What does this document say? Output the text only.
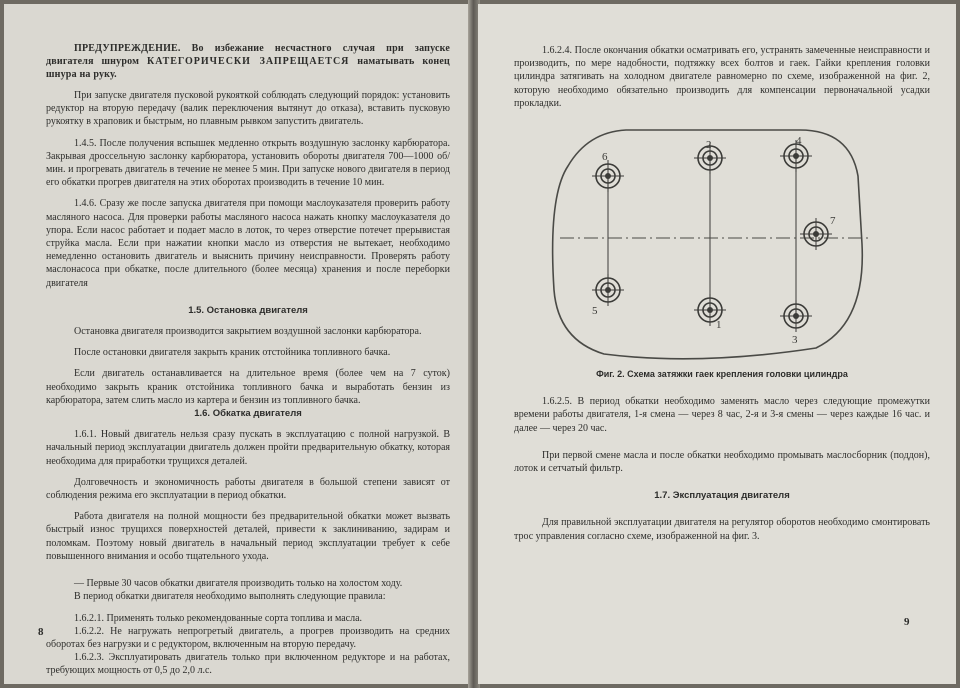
ПРЕДУПРЕЖДЕНИЕ. Во избежание несчастного случая при запуске двигателя шнуром КАТЕГОРИЧЕСКИ ЗАПРЕЩАЕТСЯ наматывать конец шнура на руку.

При запуске двигателя пусковой рукояткой соблюдать следующий порядок: установить редуктор на вторую передачу (валик переключения вытянут до отказа), вставить пусковую рукоятку в храповик и быстрым, но плавным рывком запустить двигатель.

1.4.5. После получения вспышек медленно открыть воздушную заслонку карбюратора. Закрывая дроссельную заслонку карбюратора, установить обороты двигателя 700—1000 об/мин. и прогревать двигатель в течение не менее 5 мин. При запуске нового двигателя в период его обкатки прогрев двигателя на этих оборотах производить в течение 10 мин.

1.4.6. Сразу же после запуска двигателя при помощи маслоуказателя проверить работу масляного насоса. Для проверки работы масляного насоса нажать кнопку маслоуказателя до упора. Если насос работает и подает масло в лоток, то через отверстие потечет прерывистая струйка масла. Если при нажатии кнопки масло из отверстия не вытекает, необходимо немедленно остановить двигатель и выяснить причину неисправности. Проверять работу маслонасоса при обкатке, после длительного (более месяца) хранения и после переборки двигателя

1.5. Остановка двигателя

Остановка двигателя производится закрытием воздушной заслонки карбюратора.

После остановки двигателя закрыть краник отстойника топливного бачка.

Если двигатель останавливается на длительное время (более чем на 7 суток) необходимо закрыть краник отстойника топливного бачка и выработать бензин из карбюратора, затем слить масло из картера и бензин из топливного бачка.

1.6. Обкатка двигателя

1.6.1. Новый двигатель нельзя сразу пускать в эксплуатацию с полной нагрузкой. В начальный период эксплуатации двигатель должен пройти предварительную обкатку, которая необходима для приработки трущихся деталей.

Долговечность и экономичность работы двигателя в большой степени зависят от соблюдения режима его эксплуатации в период обкатки.

Работа двигателя на полной мощности без предварительной обкатки может вызвать быстрый износ трущихся поверхностей деталей, привести к заклиниванию, задирам и поломкам. Поэтому новый двигатель в начальный период эксплуатации требует к себе повышенного внимания и особо тщательного ухода.

— Первые 30 часов обкатки двигателя производить только на холостом ходу.

В период обкатки двигателя необходимо выполнять следующие правила:

1.6.2.1. Применять только рекомендованные сорта топлива и масла.

1.6.2.2. Не нагружать непрогретый двигатель, а прогрев производить на средних оборотах без нагрузки и с редуктором, включенным на вторую передачу.

1.6.2.3. Эксплуатировать двигатель только при включенном редукторе и на работах, требующих мощность от 0,5 до 2,0 л.с.

8

1.6.2.4. После окончания обкатки осматривать его, устранять замеченные неисправности и производить, по мере надобности, подтяжку всех болтов и гаек. Гайки крепления головки цилиндра затягивать на холодном двигателе равномерно по схеме, изображенной на фиг. 2, которую необходимо обязательно производить для компенсации первоначальной усадки прокладки.

1
2
3
4
5
6
7

Фиг. 2. Схема затяжки гаек крепления головки цилиндра

1.6.2.5. В период обкатки необходимо заменять масло через следующие промежутки времени работы двигателя, 1-я смена — через 8 час, 2-я и 3-я смены — через каждые 16 час. и далее — через 20 час.

При первой смене масла и после обкатки необходимо промывать маслосборник (поддон), лоток и сетчатый фильтр.

1.7. Эксплуатация двигателя

Для правильной эксплуатации двигателя на регулятор оборотов необходимо смонтировать трос управления согласно схеме, изображенной на фиг. 3.

9
